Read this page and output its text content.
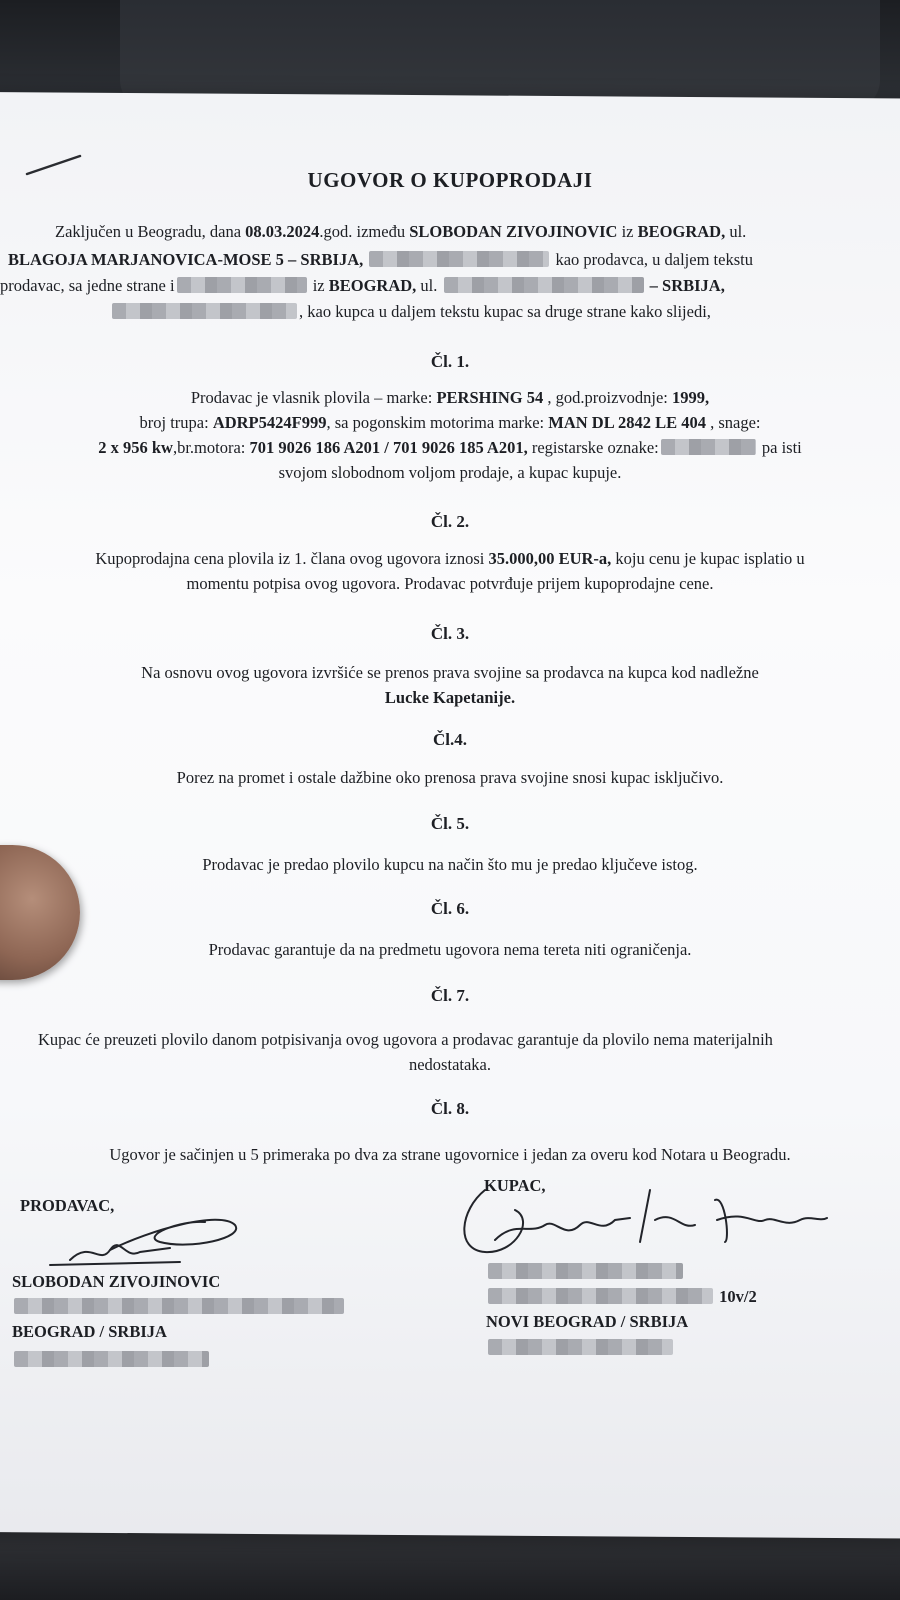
UGOVOR O KUPOPRODAJI
Zaključen u Beogradu, dana 08.03.2024.god. između SLOBODAN ZIVOJINOVIC iz BEOGRAD, ul.
BLAGOJA MARJANOVICA-MOSE 5 – SRBIJA,	kao prodavca, u daljem tekstu
prodavac, sa jedne strane i	iz BEOGRAD, ul.	– SRBIJA,
, kao kupca u daljem tekstu kupac sa druge strane kako slijedi,
Čl. 1.
Prodavac je vlasnik plovila – marke: PERSHING 54 , god.proizvodnje: 1999,
broj trupa: ADRP5424F999, sa pogonskim motorima marke: MAN DL 2842 LE 404 , snage:
2 x 956 kw,br.motora: 701 9026 186 A201 / 701 9026 185 A201, registarske oznake:	pa isti
svojom slobodnom voljom prodaje, a kupac kupuje.
Čl. 2.
Kupoprodajna cena plovila iz 1. člana ovog ugovora iznosi 35.000,00 EUR-a, koju cenu je kupac isplatio u
momentu potpisa ovog ugovora. Prodavac potvrđuje prijem kupoprodajne cene.
Čl. 3.
Na osnovu ovog ugovora izvršiće se prenos prava svojine sa prodavca na kupca kod nadležne
Lucke Kapetanije.
Čl.4.
Porez na promet i ostale dažbine oko prenosa prava svojine snosi kupac isključivo.
Čl. 5.
Prodavac je predao plovilo kupcu na način što mu je predao ključeve istog.
Čl. 6.
Prodavac garantuje da na predmetu ugovora nema tereta niti ograničenja.
Čl. 7.
Kupac će preuzeti plovilo danom potpisivanja ovog ugovora a prodavac garantuje da plovilo nema materijalnih
nedostataka.
Čl. 8.
Ugovor je sačinjen u 5 primeraka po dva za strane ugovornice i jedan za overu kod Notara u Beogradu.
PRODAVAC,
SLOBODAN ZIVOJINOVIC
BEOGRAD / SRBIJA
KUPAC,
10v/2
NOVI BEOGRAD / SRBIJA
